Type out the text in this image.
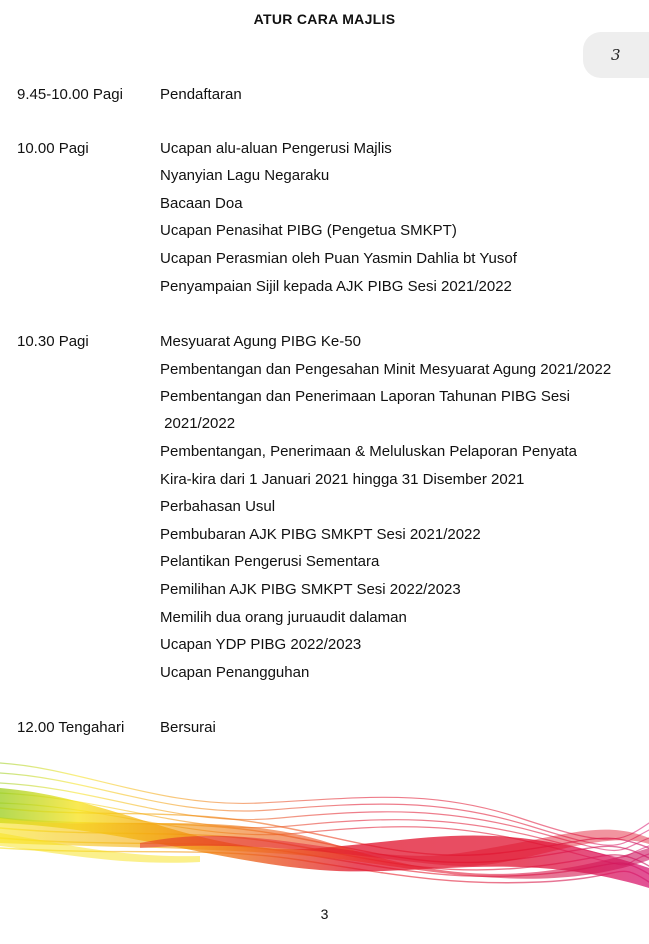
ATUR CARA MAJLIS
3
9.45-10.00 Pagi Pendaftaran
10.00 Pagi	Ucapan alu-aluan Pengerusi Majlis
Nyanyian Lagu Negaraku
Bacaan Doa
Ucapan Penasihat PIBG (Pengetua SMKPT)
Ucapan Perasmian oleh Puan Yasmin Dahlia bt Yusof
Penyampaian Sijil kepada AJK PIBG Sesi 2021/2022
10.30 Pagi	Mesyuarat Agung PIBG Ke-50
Pembentangan dan Pengesahan Minit Mesyuarat Agung 2021/2022
Pembentangan dan Penerimaan Laporan Tahunan PIBG Sesi
2021/2022
Pembentangan, Penerimaan & Meluluskan Pelaporan Penyata
Kira-kira dari 1 Januari 2021 hingga 31 Disember 2021
Perbahasan Usul
Pembubaran AJK PIBG SMKPT Sesi 2021/2022
Pelantikan Pengerusi Sementara
Pemilihan AJK PIBG SMKPT Sesi 2022/2023
Memilih dua orang juruaudit dalaman
Ucapan YDP PIBG 2022/2023
Ucapan Penangguhan
12.00 Tengahari Bersurai
3
